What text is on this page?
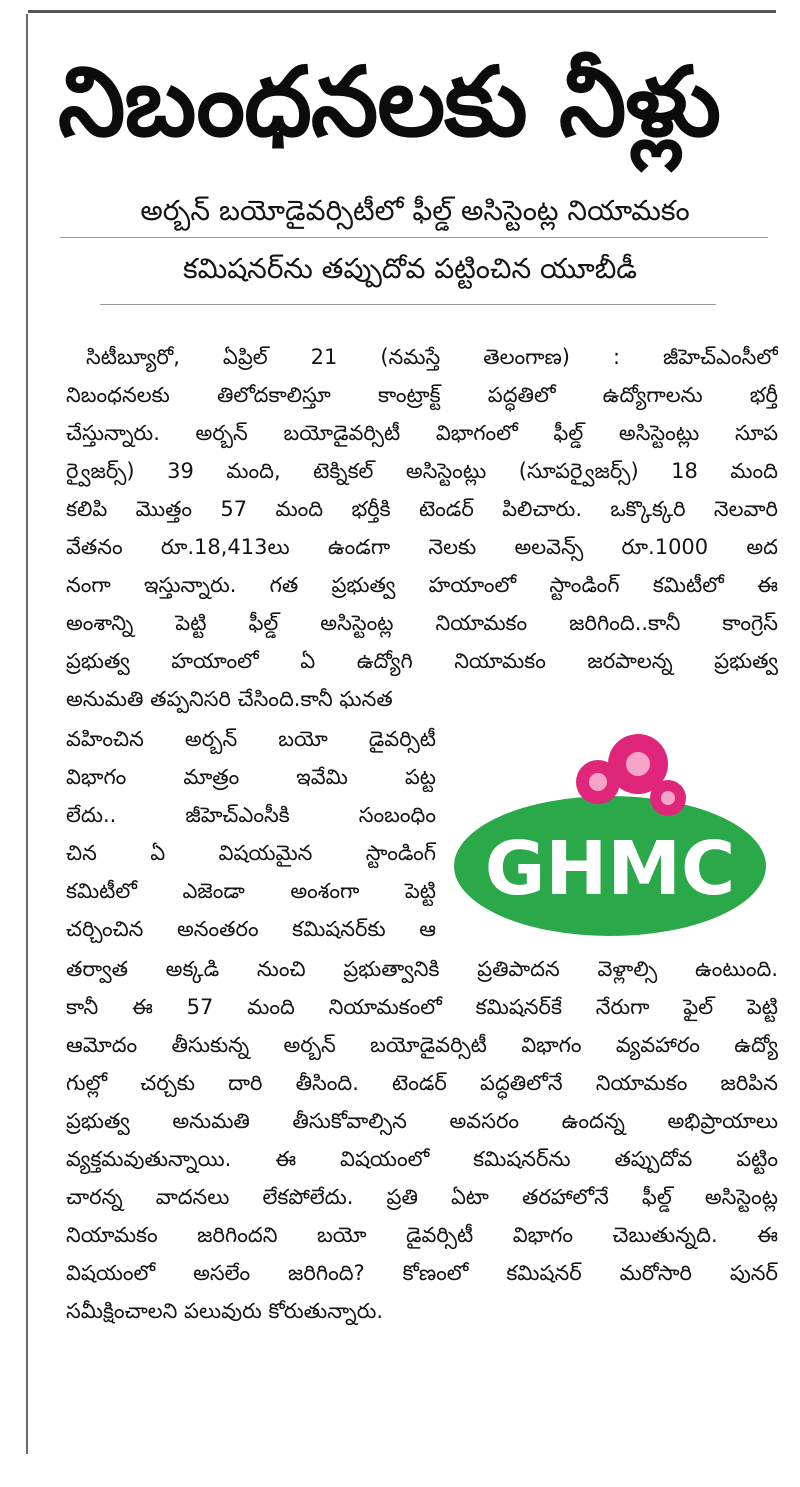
నిబంధనలకు నీళ్లు
అర్బన్ బయోడైవర్సిటీలో ఫీల్డ్ అసిస్టెంట్ల నియామకం
కమిషనర్‌ను తప్పుదోవ పట్టించిన యూబీడీ
సిటీబ్యూరో, ఏప్రిల్ 21 (నమస్తే తెలంగాణ) : జీహెచ్ఎంసీలో
నిబంధనలకు తిలోదకాలిస్తూ కాంట్రాక్ట్ పద్ధతిలో ఉద్యోగాలను భర్తీ
చేస్తున్నారు. అర్బన్ బయోడైవర్సిటీ విభాగంలో ఫీల్డ్ అసిస్టెంట్లు సూప
ర్వైజర్స్) 39 మంది, టెక్నికల్ అసిస్టెంట్లు (సూపర్వైజర్స్) 18 మంది
కలిపి మొత్తం 57 మంది భర్తీకి టెండర్ పిలిచారు. ఒక్కొక్కరి నెలవారి
వేతనం రూ.18,413లు ఉండగా నెలకు అలవెన్స్ రూ.1000 అద
నంగా ఇస్తున్నారు. గత ప్రభుత్వ హయాంలో స్టాండింగ్ కమిటీలో ఈ
అంశాన్ని పెట్టి ఫీల్డ్ అసిస్టెంట్ల నియామకం జరిగింది..కానీ కాంగ్రెస్
ప్రభుత్వ హయాంలో ఏ ఉద్యోగి నియామకం జరపాలన్న ప్రభుత్వ
అనుమతి తప్పనిసరి చేసింది.కానీ ఘనత
వహించిన అర్బన్ బయో డైవర్సిటీ
విభాగం మాత్రం ఇవేమి పట్ట
లేదు.. జీహెచ్ఎంసీకి సంబంధిం
చిన ఏ విషయమైన స్టాండింగ్
కమిటీలో ఎజెండా అంశంగా పెట్టి
చర్చించిన అనంతరం కమిషనర్‌కు ఆ
తర్వాత అక్కడి నుంచి ప్రభుత్వానికి ప్రతిపాదన వెళ్లాల్సి ఉంటుంది.
కానీ ఈ 57 మంది నియామకంలో కమిషనర్‌కే నేరుగా ఫైల్ పెట్టి
ఆమోదం తీసుకున్న అర్బన్ బయోడైవర్సిటీ విభాగం వ్యవహారం ఉద్యో
గుల్లో చర్చకు దారి తీసింది. టెండర్ పద్ధతిలోనే నియామకం జరిపిన
ప్రభుత్వ అనుమతి తీసుకోవాల్సిన అవసరం ఉందన్న అభిప్రాయాలు
వ్యక్తమవుతున్నాయి. ఈ విషయంలో కమిషనర్‌ను తప్పుదోవ పట్టిం
చారన్న వాదనలు లేకపోలేదు. ప్రతి ఏటా తరహాలోనే ఫీల్డ్ అసిస్టెంట్ల
నియామకం జరిగిందని బయో డైవర్సిటీ విభాగం చెబుతున్నది. ఈ
విషయంలో అసలేం జరిగింది? కోణంలో కమిషనర్ మరోసారి పునర్
సమీక్షించాలని పలువురు కోరుతున్నారు.
GHMC
